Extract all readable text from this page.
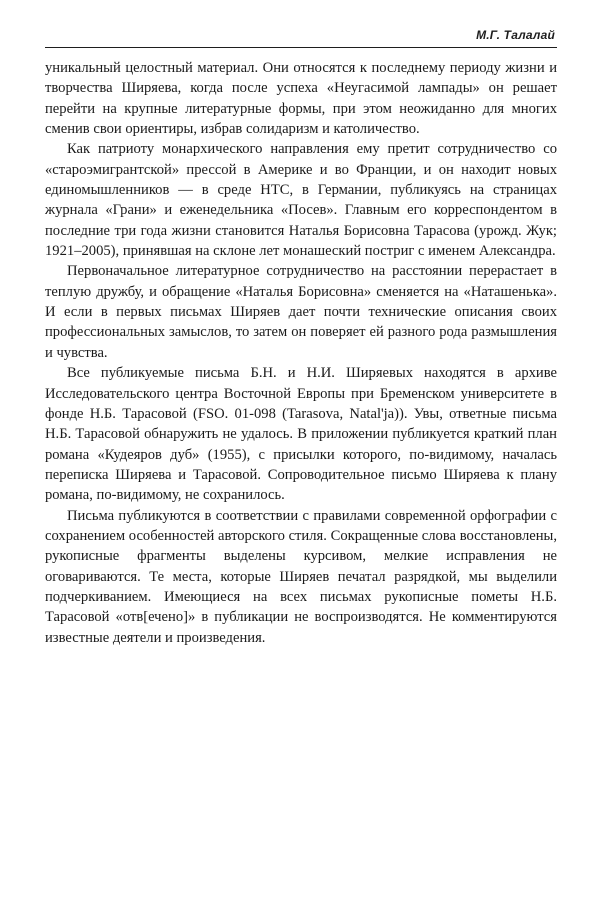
М.Г. Талалай

уникальный целостный материал. Они относятся к последнему периоду жизни и творчества Ширяева, когда после успеха «Неугасимой лампады» он решает перейти на крупные литературные формы, при этом неожиданно для многих сменив свои ориентиры, избрав солидаризм и католичество.

Как патриоту монархического направления ему претит сотрудничество со «староэмигрантской» прессой в Америке и во Франции, и он находит новых единомышленников — в среде НТС, в Германии, публикуясь на страницах журнала «Грани» и еженедельника «Посев». Главным его корреспондентом в последние три года жизни становится Наталья Борисовна Тарасова (урожд. Жук; 1921–2005), принявшая на склоне лет монашеский постриг с именем Александра.

Первоначальное литературное сотрудничество на расстоянии перерастает в теплую дружбу, и обращение «Наталья Борисовна» сменяется на «Наташенька». И если в первых письмах Ширяев дает почти технические описания своих профессиональных замыслов, то затем он поверяет ей разного рода размышления и чувства.

Все публикуемые письма Б.Н. и Н.И. Ширяевых находятся в архиве Исследовательского центра Восточной Европы при Бременском университете в фонде Н.Б. Тарасовой (FSO. 01-098 (Tarasova, Natal'ja)). Увы, ответные письма Н.Б. Тарасовой обнаружить не удалось. В приложении публикуется краткий план романа «Кудеяров дуб» (1955), с присылки которого, по-видимому, началась переписка Ширяева и Тарасовой. Сопроводительное письмо Ширяева к плану романа, по-видимому, не сохранилось.

Письма публикуются в соответствии с правилами современной орфографии с сохранением особенностей авторского стиля. Сокращенные слова восстановлены, рукописные фрагменты выделены курсивом, мелкие исправления не оговариваются. Те места, которые Ширяев печатал разрядкой, мы выделили подчеркиванием. Имеющиеся на всех письмах рукописные пометы Н.Б. Тарасовой «отв[ечено]» в публикации не воспроизводятся. Не комментируются известные деятели и произведения.
